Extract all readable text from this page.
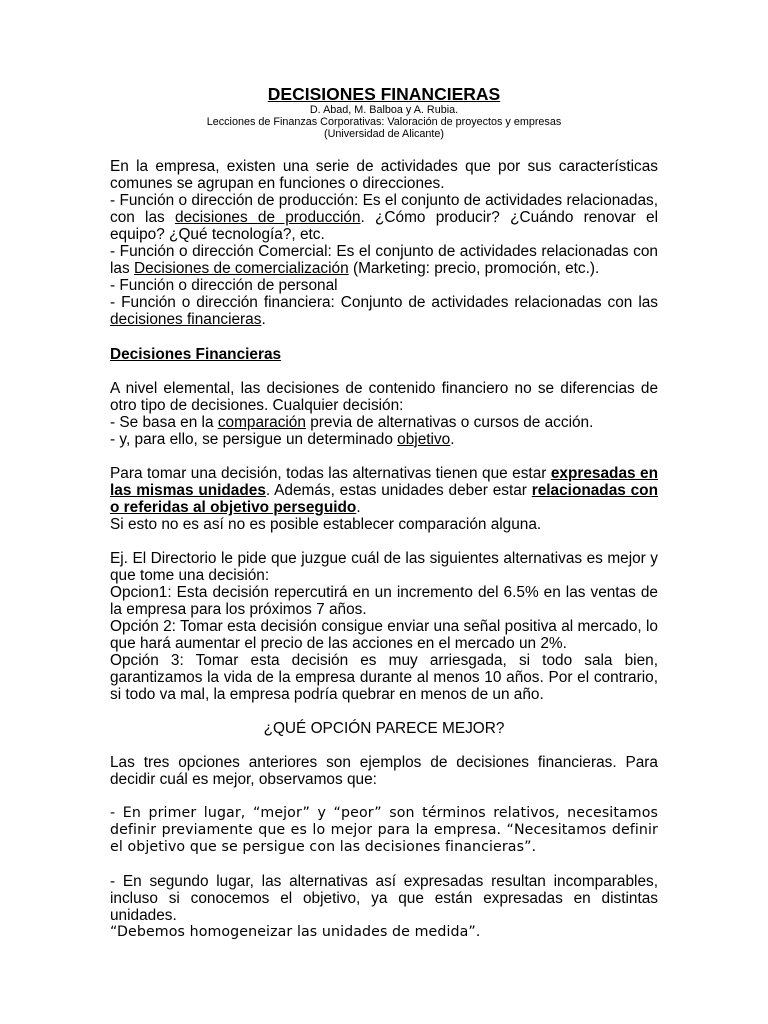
DECISIONES FINANCIERAS
D. Abad, M. Balboa y A. Rubia.
Lecciones de Finanzas Corporativas: Valoración de proyectos y empresas
(Universidad de Alicante)

En la empresa, existen una serie de actividades que por sus características comunes se agrupan en funciones o direcciones.

- Función o dirección de producción: Es el conjunto de actividades relacionadas, con las decisiones de producción. ¿Cómo producir? ¿Cuándo renovar el equipo? ¿Qué tecnología?, etc.

- Función o dirección Comercial: Es el conjunto de actividades relacionadas con las Decisiones de comercialización (Marketing: precio, promoción, etc.).

- Función o dirección de personal

- Función o dirección financiera: Conjunto de actividades relacionadas con las decisiones financieras.

Decisiones Financieras

A nivel elemental, las decisiones de contenido financiero no se diferencias de otro tipo de decisiones. Cualquier decisión:

- Se basa en la comparación previa de alternativas o cursos de acción.

- y, para ello, se persigue un determinado objetivo.

Para tomar una decisión, todas las alternativas tienen que estar expresadas en las mismas unidades. Además, estas unidades deber estar relacionadas con o referidas al objetivo perseguido.

Si esto no es así no es posible establecer comparación alguna.

Ej. El Directorio le pide que juzgue cuál de las siguientes alternativas es mejor y que tome una decisión:

Opcion1: Esta decisión repercutirá en un incremento del 6.5% en las ventas de la empresa para los próximos 7 años.

Opción 2: Tomar esta decisión consigue enviar una señal positiva al mercado, lo que hará aumentar el precio de las acciones en el mercado un 2%.

Opción 3: Tomar esta decisión es muy arriesgada, si todo sala bien, garantizamos la vida de la empresa durante al menos 10 años. Por el contrario, si todo va mal, la empresa podría quebrar en menos de un año.

¿QUÉ OPCIÓN PARECE MEJOR?

Las tres opciones anteriores son ejemplos de decisiones financieras. Para decidir cuál es mejor, observamos que:

- En primer lugar, “mejor” y “peor” son términos relativos, necesitamos definir previamente que es lo mejor para la empresa. “Necesitamos definir el objetivo que se persigue con las decisiones financieras”.

- En segundo lugar, las alternativas así expresadas resultan incomparables, incluso si conocemos el objetivo, ya que están expresadas en distintas unidades.

“Debemos homogeneizar las unidades de medida”.
